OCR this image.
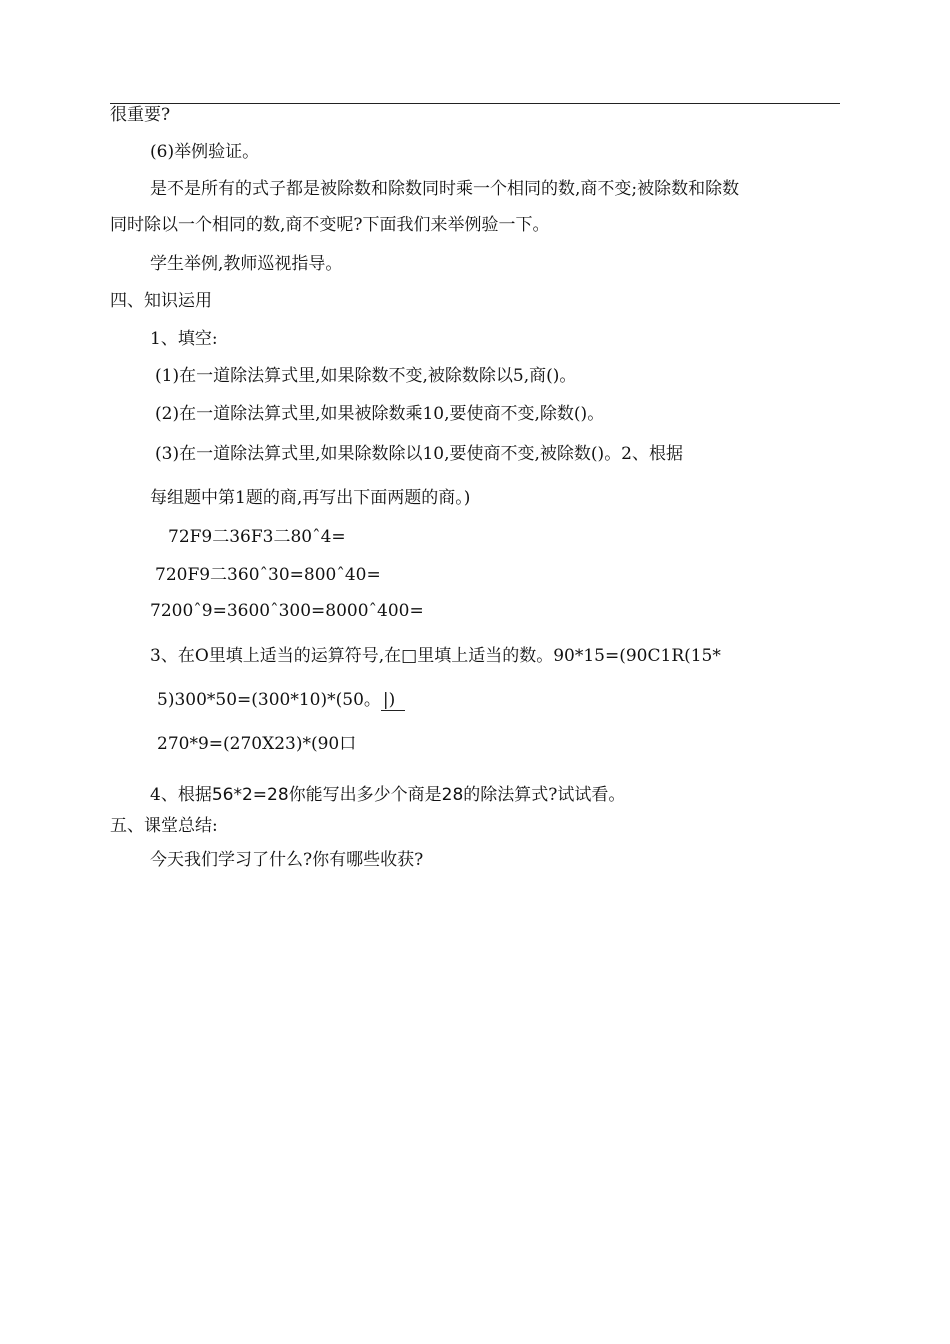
很重要?
(6)举例验证。
是不是所有的式子都是被除数和除数同时乘一个相同的数,商不变;被除数和除数
同时除以一个相同的数,商不变呢?下面我们来举例验一下。
学生举例,教师巡视指导。
四、知识运用
1、填空:
(1)在一道除法算式里,如果除数不变,被除数除以5,商()。
(2)在一道除法算式里,如果被除数乘10,要使商不变,除数()。
(3)在一道除法算式里,如果除数除以10,要使商不变,被除数()。2、根据
每组题中第1题的商,再写出下面两题的商。)
72F9二36F3二80ˆ4=
720F9二360ˆ30=800ˆ40=
7200ˆ9=3600ˆ300=8000ˆ400=
3、在O里填上适当的运算符号,在□里填上适当的数。90*15=(90C1R(15*
5)300*50=(300*10)*(50。 |)
270*9=(270X23)*(90口
4、根据56*2=28你能写出多少个商是28的除法算式?试试看。
五、课堂总结:
今天我们学习了什么?你有哪些收获?
